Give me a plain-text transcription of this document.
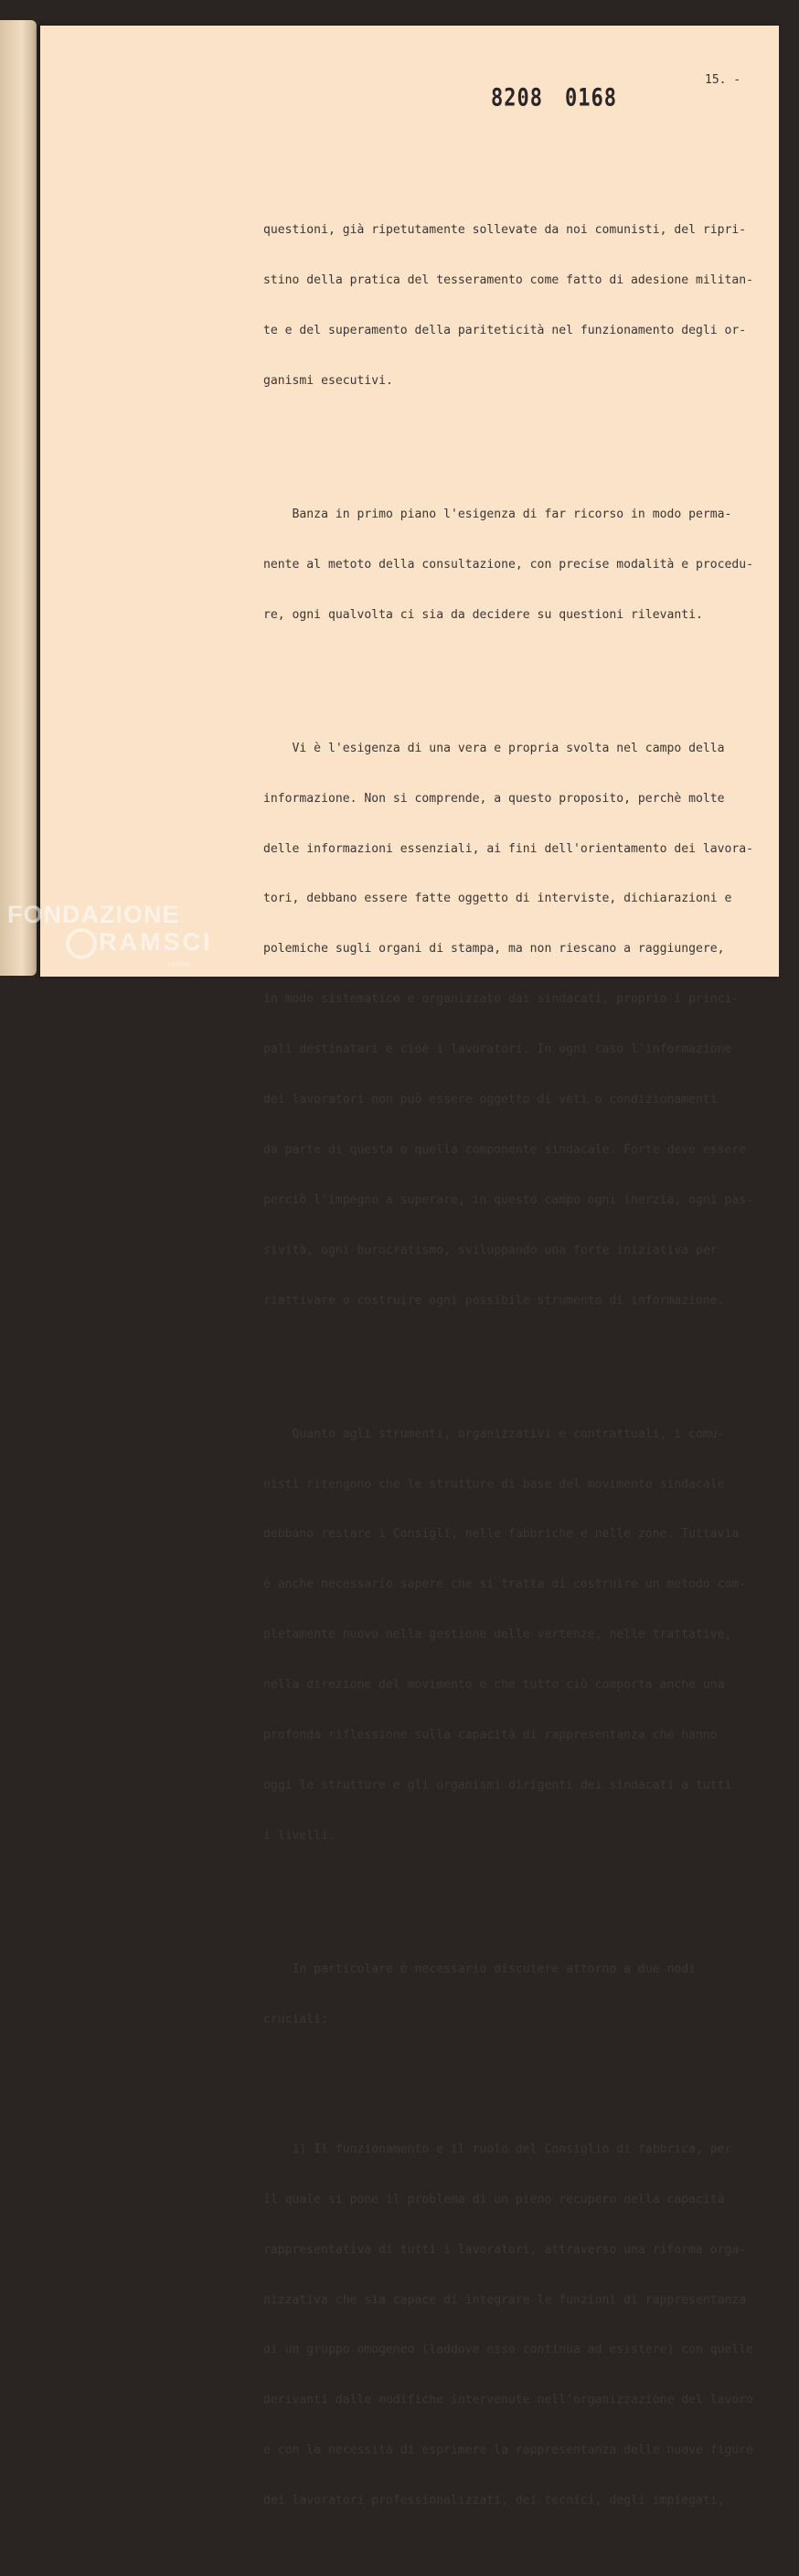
15. -
8208 0168

questioni, già ripetutamente sollevate da noi comunisti, del ripri-

stino della pratica del tesseramento come fatto di adesione militan-

te e del superamento della pariteticità nel funzionamento degli or-

ganismi esecutivi.

Banza in primo piano l'esigenza di far ricorso in modo perma-

nente al metoto della consultazione, con precise modalità e procedu-

re, ogni qualvolta ci sia da decidere su questioni rilevanti.

Vi è l'esigenza di una vera e propria svolta nel campo della

informazione. Non si comprende, a questo proposito, perchè molte

delle informazioni essenziali, ai fini dell'orientamento dei lavora-

tori, debbano essere fatte oggetto di interviste, dichiarazioni e

polemiche sugli organi di stampa, ma non riescano a raggiungere,

in modo sistematico e organizzato dai sindacati, proprio i princi-

pali destinatari e cioè i lavoratori. In ogni caso l'informazione

dei lavoratori non può essere oggetto di veti o condizionamenti

da parte di questa o quella componente sindacale. Forte deve essere

perciò l'impegno a superare, in questo campo ogni inerzia, ogni pas-

sività, ogni burocratismo, sviluppando una forte iniziativa per

riattivare o costruire ogni possibile strumento di informazione.

Quanto agli strumenti, organizzativi e contrattuali, i comu-

nisti ritengono che le strutture di base del movimento sindacale

debbano restare i Consigli, nelle fabbriche e nelle zone. Tuttavia

è anche necessario sapere che si tratta di costruire un metodo com-

pletamente nuovo nella gestione delle vertenze, nelle trattative,

nella direzione del movimento e che tutto ciò comporta anche una

profonda riflessione sulla capacità di rappresentanza che hanno

oggi le strutture e gli organismi dirigenti dei sindacati a tutti

i livelli.

In particolare è necessario discutere attorno a due nodi

cruciali:

1) Il funzionamento e il ruolo del Consiglio di fabbrica, per

il quale si pone il problema di un pieno recupero della capacità

rappresentativa di tutti i lavoratori, attraverso una riforma orga-

nizzativa che sia capace di integrare le funzioni di rappresentanza

di un gruppo omogeneo (laddove esso continua ad esistere) con quelle

derivanti dalle modifiche intervenute nell'organizzazione del lavoro

e con la necessità di esprimere la rappresentanza delle nuove figure

dei lavoratori professionalizzati, dei tecnici, degli impiegati,

FONDAZIONE
RAMSCI
online
